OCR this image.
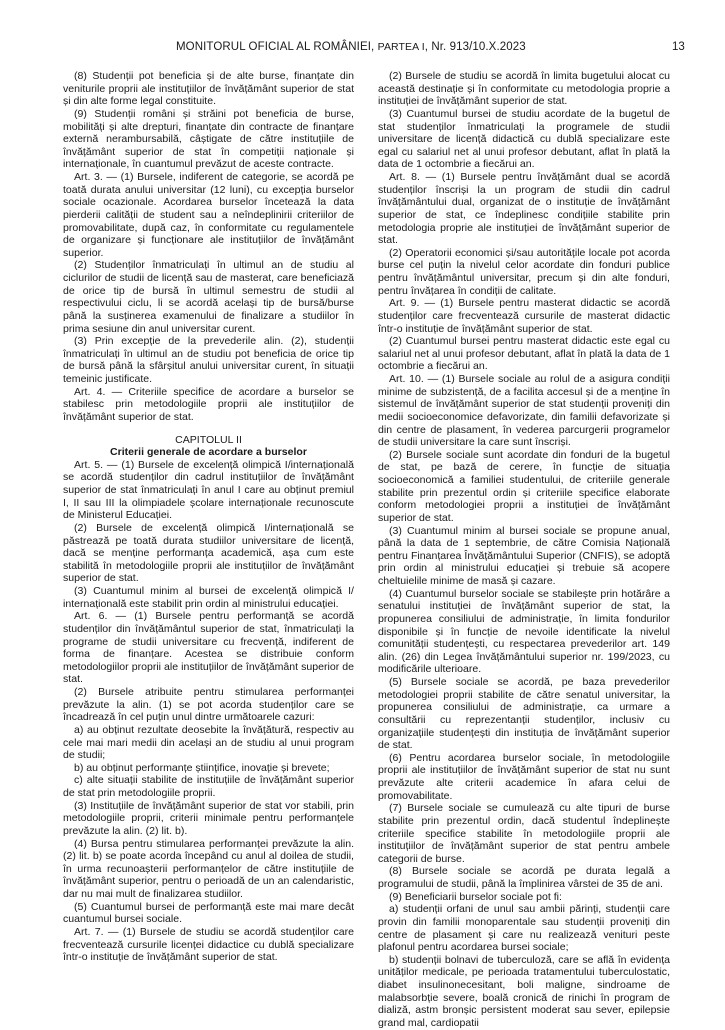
MONITORUL OFICIAL AL ROMÂNIEI, PARTEA I, Nr. 913/10.X.2023	13

(8) Studenții pot beneficia și de alte burse, finanțate din veniturile proprii ale instituțiilor de învățământ superior de stat și din alte forme legal constituite.

(9) Studenții români și străini pot beneficia de burse, mobilități și alte drepturi, finanțate din contracte de finanțare externă nerambursabilă, câștigate de către instituțiile de învățământ superior de stat în competiții naționale și internaționale, în cuantumul prevăzut de aceste contracte.

Art. 3. — (1) Bursele, indiferent de categorie, se acordă pe toată durata anului universitar (12 luni), cu excepția burselor sociale ocazionale. Acordarea burselor încetează la data pierderii calității de student sau a neîndeplinirii criteriilor de promovabilitate, după caz, în conformitate cu regulamentele de organizare și funcționare ale instituțiilor de învățământ superior.

(2) Studenților înmatriculați în ultimul an de studiu al ciclurilor de studii de licență sau de masterat, care beneficiază de orice tip de bursă în ultimul semestru de studii al respectivului ciclu, li se acordă același tip de bursă/burse până la susținerea examenului de finalizare a studiilor în prima sesiune din anul universitar curent.

(3) Prin excepție de la prevederile alin. (2), studenții înmatriculați în ultimul an de studiu pot beneficia de orice tip de bursă până la sfârșitul anului universitar curent, în situații temeinic justificate.

Art. 4. — Criteriile specifice de acordare a burselor se stabilesc prin metodologiile proprii ale instituțiilor de învățământ superior de stat.

CAPITOLUL II

Criterii generale de acordare a burselor

Art. 5. — (1) Bursele de excelență olimpică I/internațională se acordă studenților din cadrul instituțiilor de învățământ superior de stat înmatriculați în anul I care au obținut premiul I, II sau III la olimpiadele școlare internaționale recunoscute de Ministerul Educației.

(2) Bursele de excelență olimpică I/internațională se păstrează pe toată durata studiilor universitare de licență, dacă se menține performanța academică, așa cum este stabilită în metodologiile proprii ale instituțiilor de învățământ superior de stat.

(3) Cuantumul minim al bursei de excelență olimpică I/ internațională este stabilit prin ordin al ministrului educației.

Art. 6. — (1) Bursele pentru performanță se acordă studenților din învățământul superior de stat, înmatriculați la programe de studii universitare cu frecvență, indiferent de forma de finanțare. Acestea se distribuie conform metodologiilor proprii ale instituțiilor de învățământ superior de stat.

(2) Bursele atribuite pentru stimularea performanței prevăzute la alin. (1) se pot acorda studenților care se încadrează în cel puțin unul dintre următoarele cazuri:

a) au obținut rezultate deosebite la învățătură, respectiv au cele mai mari medii din același an de studiu al unui program de studii;

b) au obținut performanțe științifice, inovație și brevete;

c) alte situații stabilite de instituțiile de învățământ superior de stat prin metodologiile proprii.

(3) Instituțiile de învățământ superior de stat vor stabili, prin metodologiile proprii, criterii minimale pentru performanțele prevăzute la alin. (2) lit. b).

(4) Bursa pentru stimularea performanței prevăzute la alin. (2) lit. b) se poate acorda începând cu anul al doilea de studii, în urma recunoașterii performanțelor de către instituțiile de învățământ superior, pentru o perioadă de un an calendaristic, dar nu mai mult de finalizarea studiilor.

(5) Cuantumul bursei de performanță este mai mare decât cuantumul bursei sociale.

Art. 7. — (1) Bursele de studiu se acordă studenților care frecventează cursurile licenței didactice cu dublă specializare într-o instituție de învățământ superior de stat.

(2) Bursele de studiu se acordă în limita bugetului alocat cu această destinație și în conformitate cu metodologia proprie a instituției de învățământ superior de stat.

(3) Cuantumul bursei de studiu acordate de la bugetul de stat studenților înmatriculați la programele de studii universitare de licență didactică cu dublă specializare este egal cu salariul net al unui profesor debutant, aflat în plată la data de 1 octombrie a fiecărui an.

Art. 8. — (1) Bursele pentru învățământ dual se acordă studenților înscriși la un program de studii din cadrul învățământului dual, organizat de o instituție de învățământ superior de stat, ce îndeplinesc condițiile stabilite prin metodologia proprie ale instituției de învățământ superior de stat.

(2) Operatorii economici și/sau autoritățile locale pot acorda burse cel puțin la nivelul celor acordate din fonduri publice pentru învățământul universitar, precum și din alte fonduri, pentru învățarea în condiții de calitate.

Art. 9. — (1) Bursele pentru masterat didactic se acordă studenților care frecventează cursurile de masterat didactic într-o instituție de învățământ superior de stat.

(2) Cuantumul bursei pentru masterat didactic este egal cu salariul net al unui profesor debutant, aflat în plată la data de 1 octombrie a fiecărui an.

Art. 10. — (1) Bursele sociale au rolul de a asigura condiții minime de subzistență, de a facilita accesul și de a menține în sistemul de învățământ superior de stat studenții proveniți din medii socioeconomice defavorizate, din familii defavorizate și din centre de plasament, în vederea parcurgerii programelor de studii universitare la care sunt înscriși.

(2) Bursele sociale sunt acordate din fonduri de la bugetul de stat, pe bază de cerere, în funcție de situația socioeconomică a familiei studentului, de criteriile generale stabilite prin prezentul ordin și criteriile specifice elaborate conform metodologiei proprii a instituției de învățământ superior de stat.

(3) Cuantumul minim al bursei sociale se propune anual, până la data de 1 septembrie, de către Comisia Națională pentru Finanțarea Învățământului Superior (CNFIS), se adoptă prin ordin al ministrului educației și trebuie să acopere cheltuielile minime de masă și cazare.

(4) Cuantumul burselor sociale se stabilește prin hotărâre a senatului instituției de învățământ superior de stat, la propunerea consiliului de administrație, în limita fondurilor disponibile și în funcție de nevoile identificate la nivelul comunității studențești, cu respectarea prevederilor art. 149 alin. (26) din Legea învățământului superior nr. 199/2023, cu modificările ulterioare.

(5) Bursele sociale se acordă, pe baza prevederilor metodologiei proprii stabilite de către senatul universitar, la propunerea consiliului de administrație, ca urmare a consultării cu reprezentanții studenților, inclusiv cu organizațiile studențești din instituția de învățământ superior de stat.

(6) Pentru acordarea burselor sociale, în metodologiile proprii ale instituțiilor de învățământ superior de stat nu sunt prevăzute alte criterii academice în afara celui de promovabilitate.

(7) Bursele sociale se cumulează cu alte tipuri de burse stabilite prin prezentul ordin, dacă studentul îndeplinește criteriile specifice stabilite în metodologiile proprii ale instituțiilor de învățământ superior de stat pentru ambele categorii de burse.

(8) Bursele sociale se acordă pe durata legală a programului de studii, până la împlinirea vârstei de 35 de ani.

(9) Beneficiarii burselor sociale pot fi:

a) studenții orfani de unul sau ambii părinți, studenții care provin din familii monoparentale sau studenții proveniți din centre de plasament și care nu realizează venituri peste plafonul pentru acordarea bursei sociale;

b) studenții bolnavi de tuberculoză, care se află în evidența unităților medicale, pe perioada tratamentului tuberculostatic, diabet insulinonecesitant, boli maligne, sindroame de malabsorbție severe, boală cronică de rinichi în program de dializă, astm bronșic persistent moderat sau sever, epilepsie grand mal, cardiopatii
